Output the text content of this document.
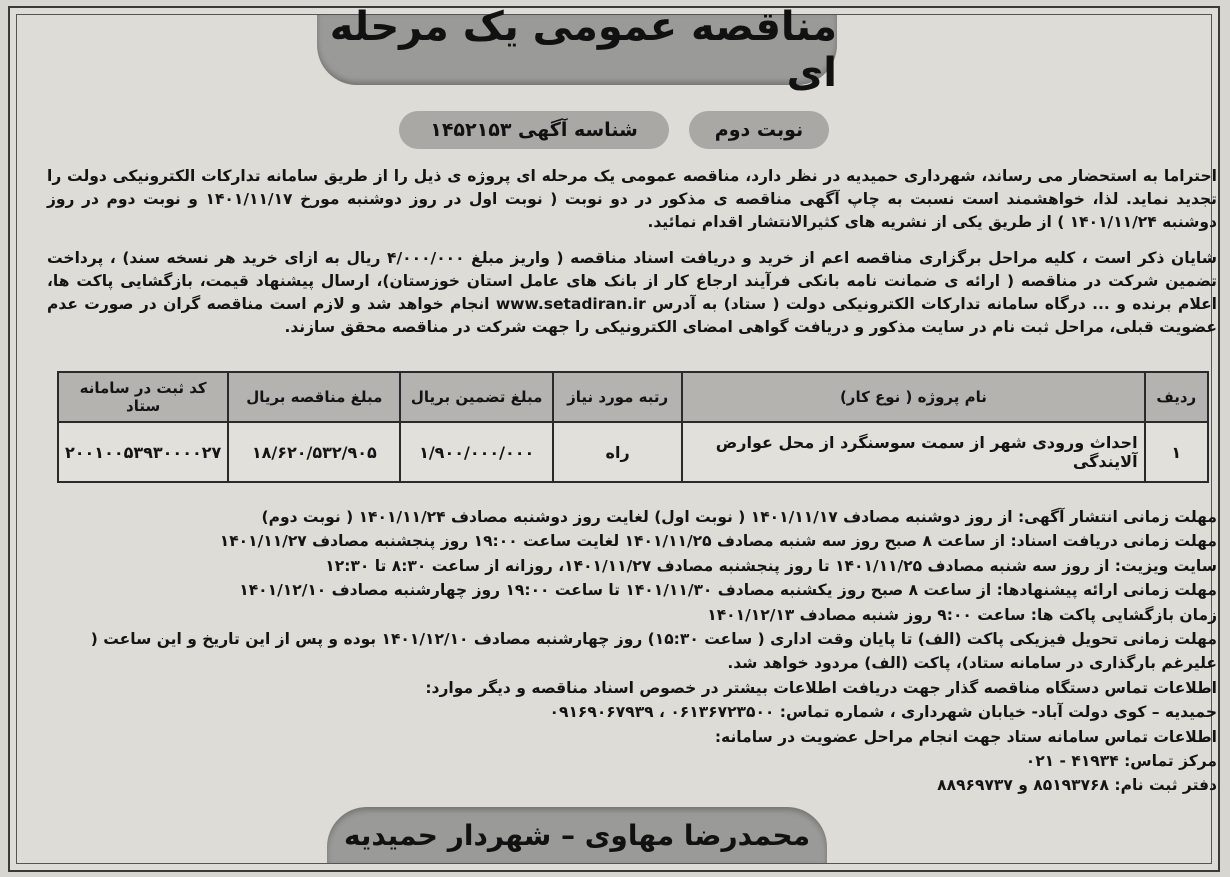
مناقصه عمومی یک مرحله ای
نوبت دوم
شناسه آگهی ۱۴۵۲۱۵۳
احتراما به استحضار می رساند، شهرداری حمیدیه در نظر دارد، مناقصه عمومی یک مرحله ای پروژه ی ذیل را از طریق سامانه تدارکات الکترونیکی دولت را تجدید نماید. لذا، خواهشمند است نسبت به چاپ آگهی مناقصه ی مذکور در دو نوبت ( نوبت اول در روز دوشنبه مورخ ۱۴۰۱/۱۱/۱۷ و نوبت دوم در روز دوشنبه ۱۴۰۱/۱۱/۲۴ ) از طریق یکی از نشریه های کثیرالانتشار اقدام نمائید.
شایان ذکر است ، کلیه مراحل برگزاری مناقصه اعم از خرید و دریافت اسناد مناقصه ( واریز مبلغ ۴/۰۰۰/۰۰۰ ریال به ازای خرید هر نسخه سند) ، پرداخت تضمین شرکت در مناقصه ( ارائه ی ضمانت نامه بانکی فرآیند ارجاع کار از بانک های عامل استان خوزستان)، ارسال پیشنهاد قیمت، بازگشایی پاکت ها، اعلام برنده و ... درگاه سامانه تدارکات الکترونیکی دولت ( ستاد) به آدرس www.setadiran.ir انجام خواهد شد و لازم است مناقصه گران در صورت عدم عضویت قبلی، مراحل ثبت نام در سایت مذکور و دریافت گواهی امضای الکترونیکی را جهت شرکت در مناقصه محقق سازند.
ردیف	نام پروژه ( نوع کار)	رتبه مورد نیاز	مبلغ تضمین بریال	مبلغ مناقصه بریال	کد ثبت در سامانه ستاد
۱	احداث ورودی شهر از سمت سوسنگرد از محل عوارض آلایندگی	راه	۱/۹۰۰/۰۰۰/۰۰۰	۱۸/۶۲۰/۵۳۲/۹۰۵	۲۰۰۱۰۰۵۳۹۳۰۰۰۰۲۷
مهلت زمانی انتشار آگهی: از روز دوشنبه مصادف ۱۴۰۱/۱۱/۱۷ ( نوبت اول) لغایت روز دوشنبه مصادف ۱۴۰۱/۱۱/۲۴ ( نوبت دوم)
مهلت زمانی دریافت اسناد: از ساعت ۸ صبح روز سه شنبه مصادف ۱۴۰۱/۱۱/۲۵ لغایت ساعت ۱۹:۰۰ روز پنجشنبه مصادف ۱۴۰۱/۱۱/۲۷
سایت ویزیت: از روز سه شنبه مصادف ۱۴۰۱/۱۱/۲۵ تا روز پنجشنبه مصادف ۱۴۰۱/۱۱/۲۷، روزانه از ساعت ۸:۳۰ تا ۱۲:۳۰
مهلت زمانی ارائه پیشنهادها: از ساعت ۸ صبح روز یکشنبه مصادف ۱۴۰۱/۱۱/۳۰ تا ساعت ۱۹:۰۰ روز چهارشنبه مصادف ۱۴۰۱/۱۲/۱۰
زمان بازگشایی پاکت ها: ساعت ۹:۰۰ روز شنبه مصادف ۱۴۰۱/۱۲/۱۳
مهلت زمانی تحویل فیزیکی پاکت (الف) تا پایان وقت اداری ( ساعت ۱۵:۳۰) روز چهارشنبه مصادف ۱۴۰۱/۱۲/۱۰ بوده و پس از این تاریخ و این ساعت ( علیرغم بارگذاری در سامانه ستاد)، پاکت (الف) مردود خواهد شد.
اطلاعات تماس دستگاه مناقصه گذار جهت دریافت اطلاعات بیشتر در خصوص اسناد مناقصه و دیگر موارد:
حمیدیه – کوی دولت آباد- خیابان شهرداری ، شماره تماس: ۰۶۱۳۶۷۲۳۵۰۰ ، ۰۹۱۶۹۰۶۷۹۳۹
اطلاعات تماس سامانه ستاد جهت انجام مراحل عضویت در سامانه:
مرکز تماس: ۴۱۹۳۴ - ۰۲۱
دفتر ثبت نام: ۸۵۱۹۳۷۶۸ و ۸۸۹۶۹۷۳۷
محمدرضا مهاوی – شهردار حمیدیه
